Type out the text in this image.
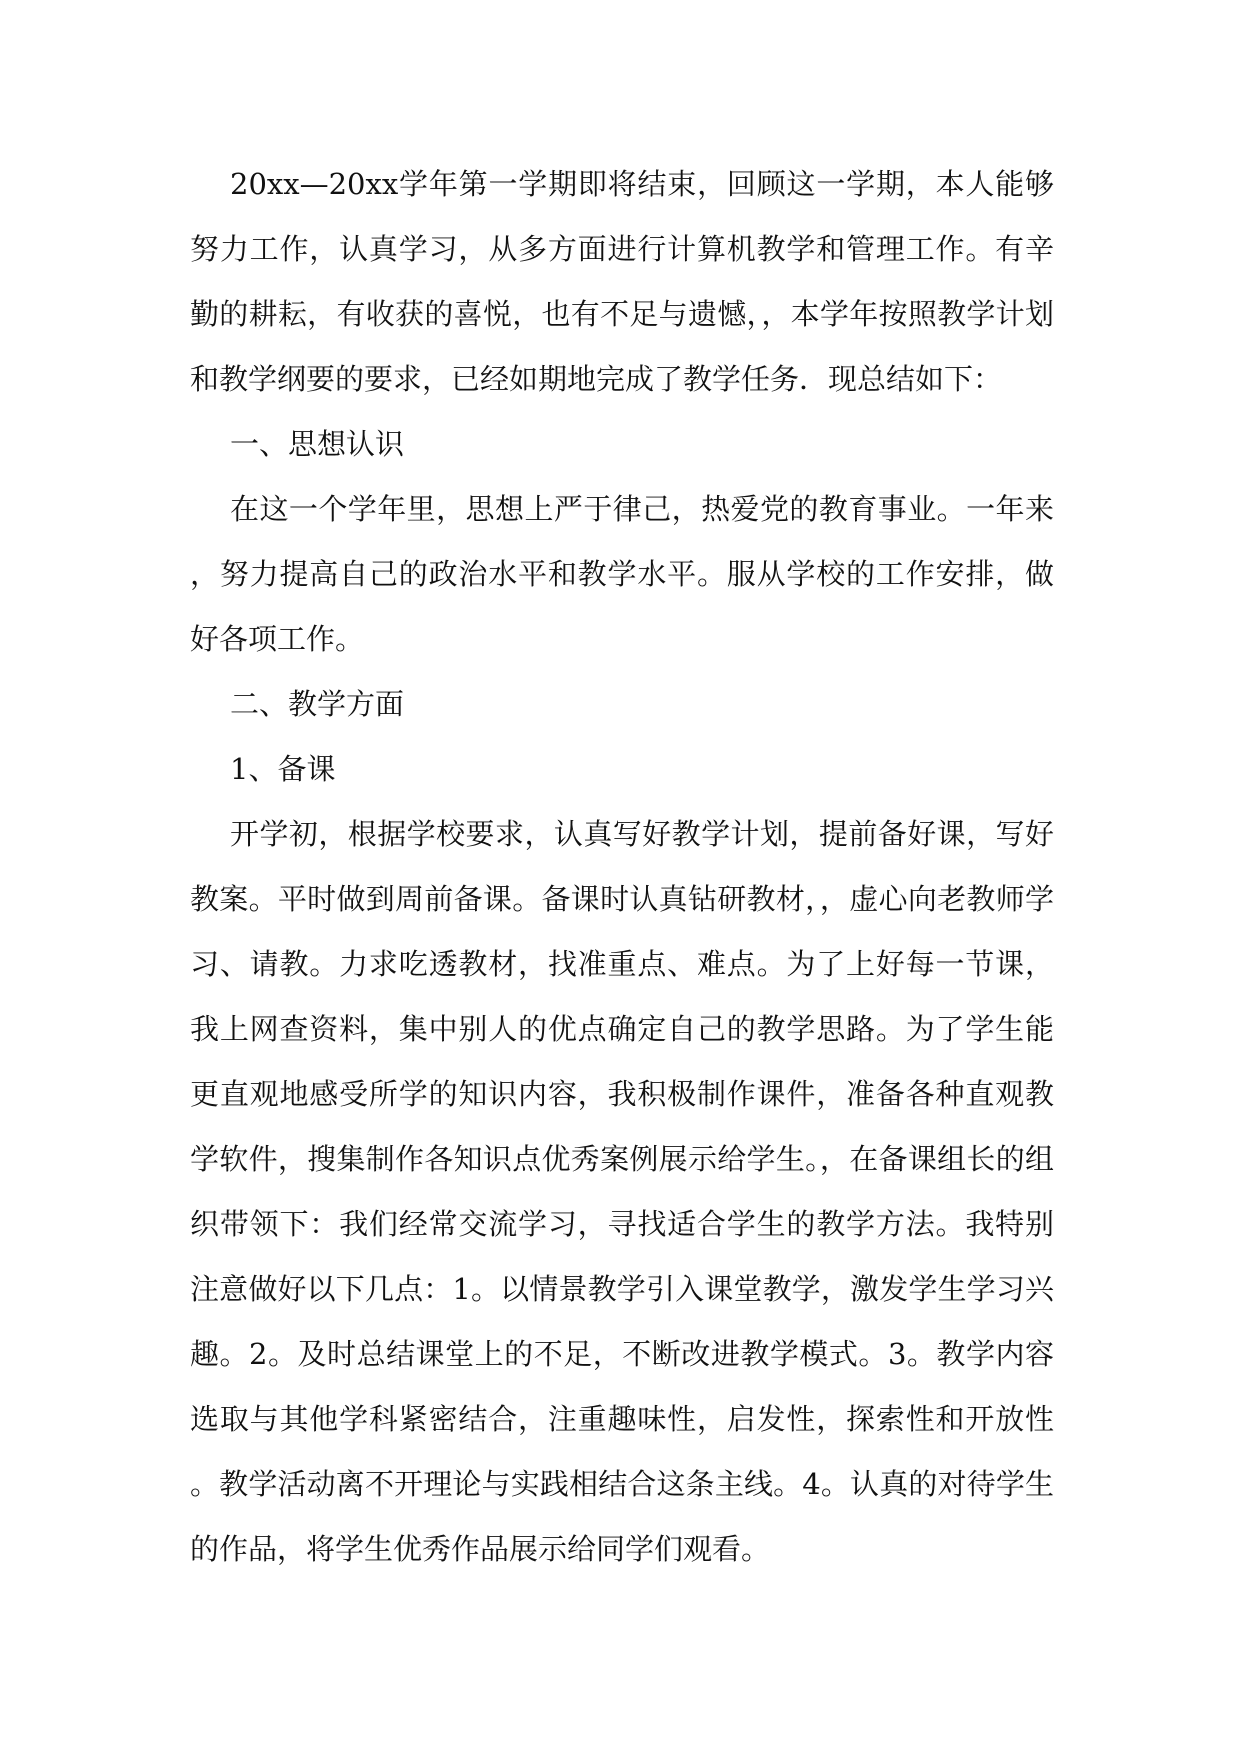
20xx—20xx学年第一学期即将结束，回顾这一学期，本人能够努力工作，认真学习，从多方面进行计算机教学和管理工作。有辛勤的耕耘，有收获的喜悦，也有不足与遗憾，，本学年按照教学计划和教学纲要的要求，已经如期地完成了教学任务．现总结如下：

一、思想认识

在这一个学年里，思想上严于律己，热爱党的教育事业。一年来，努力提高自己的政治水平和教学水平。服从学校的工作安排，做好各项工作。

二、教学方面

1、备课

开学初，根据学校要求，认真写好教学计划，提前备好课，写好教案。平时做到周前备课。备课时认真钻研教材，，虚心向老教师学习、请教。力求吃透教材，找准重点、难点。为了上好每一节课，我上网查资料，集中别人的优点确定自己的教学思路。为了学生能更直观地感受所学的知识内容，我积极制作课件，准备各种直观教学软件，搜集制作各知识点优秀案例展示给学生。，在备课组长的组织带领下：我们经常交流学习，寻找适合学生的教学方法。我特别注意做好以下几点：1。以情景教学引入课堂教学，激发学生学习兴趣。2。及时总结课堂上的不足，不断改进教学模式。3。教学内容选取与其他学科紧密结合，注重趣味性，启发性，探索性和开放性。教学活动离不开理论与实践相结合这条主线。4。认真的对待学生的作品，将学生优秀作品展示给同学们观看。
